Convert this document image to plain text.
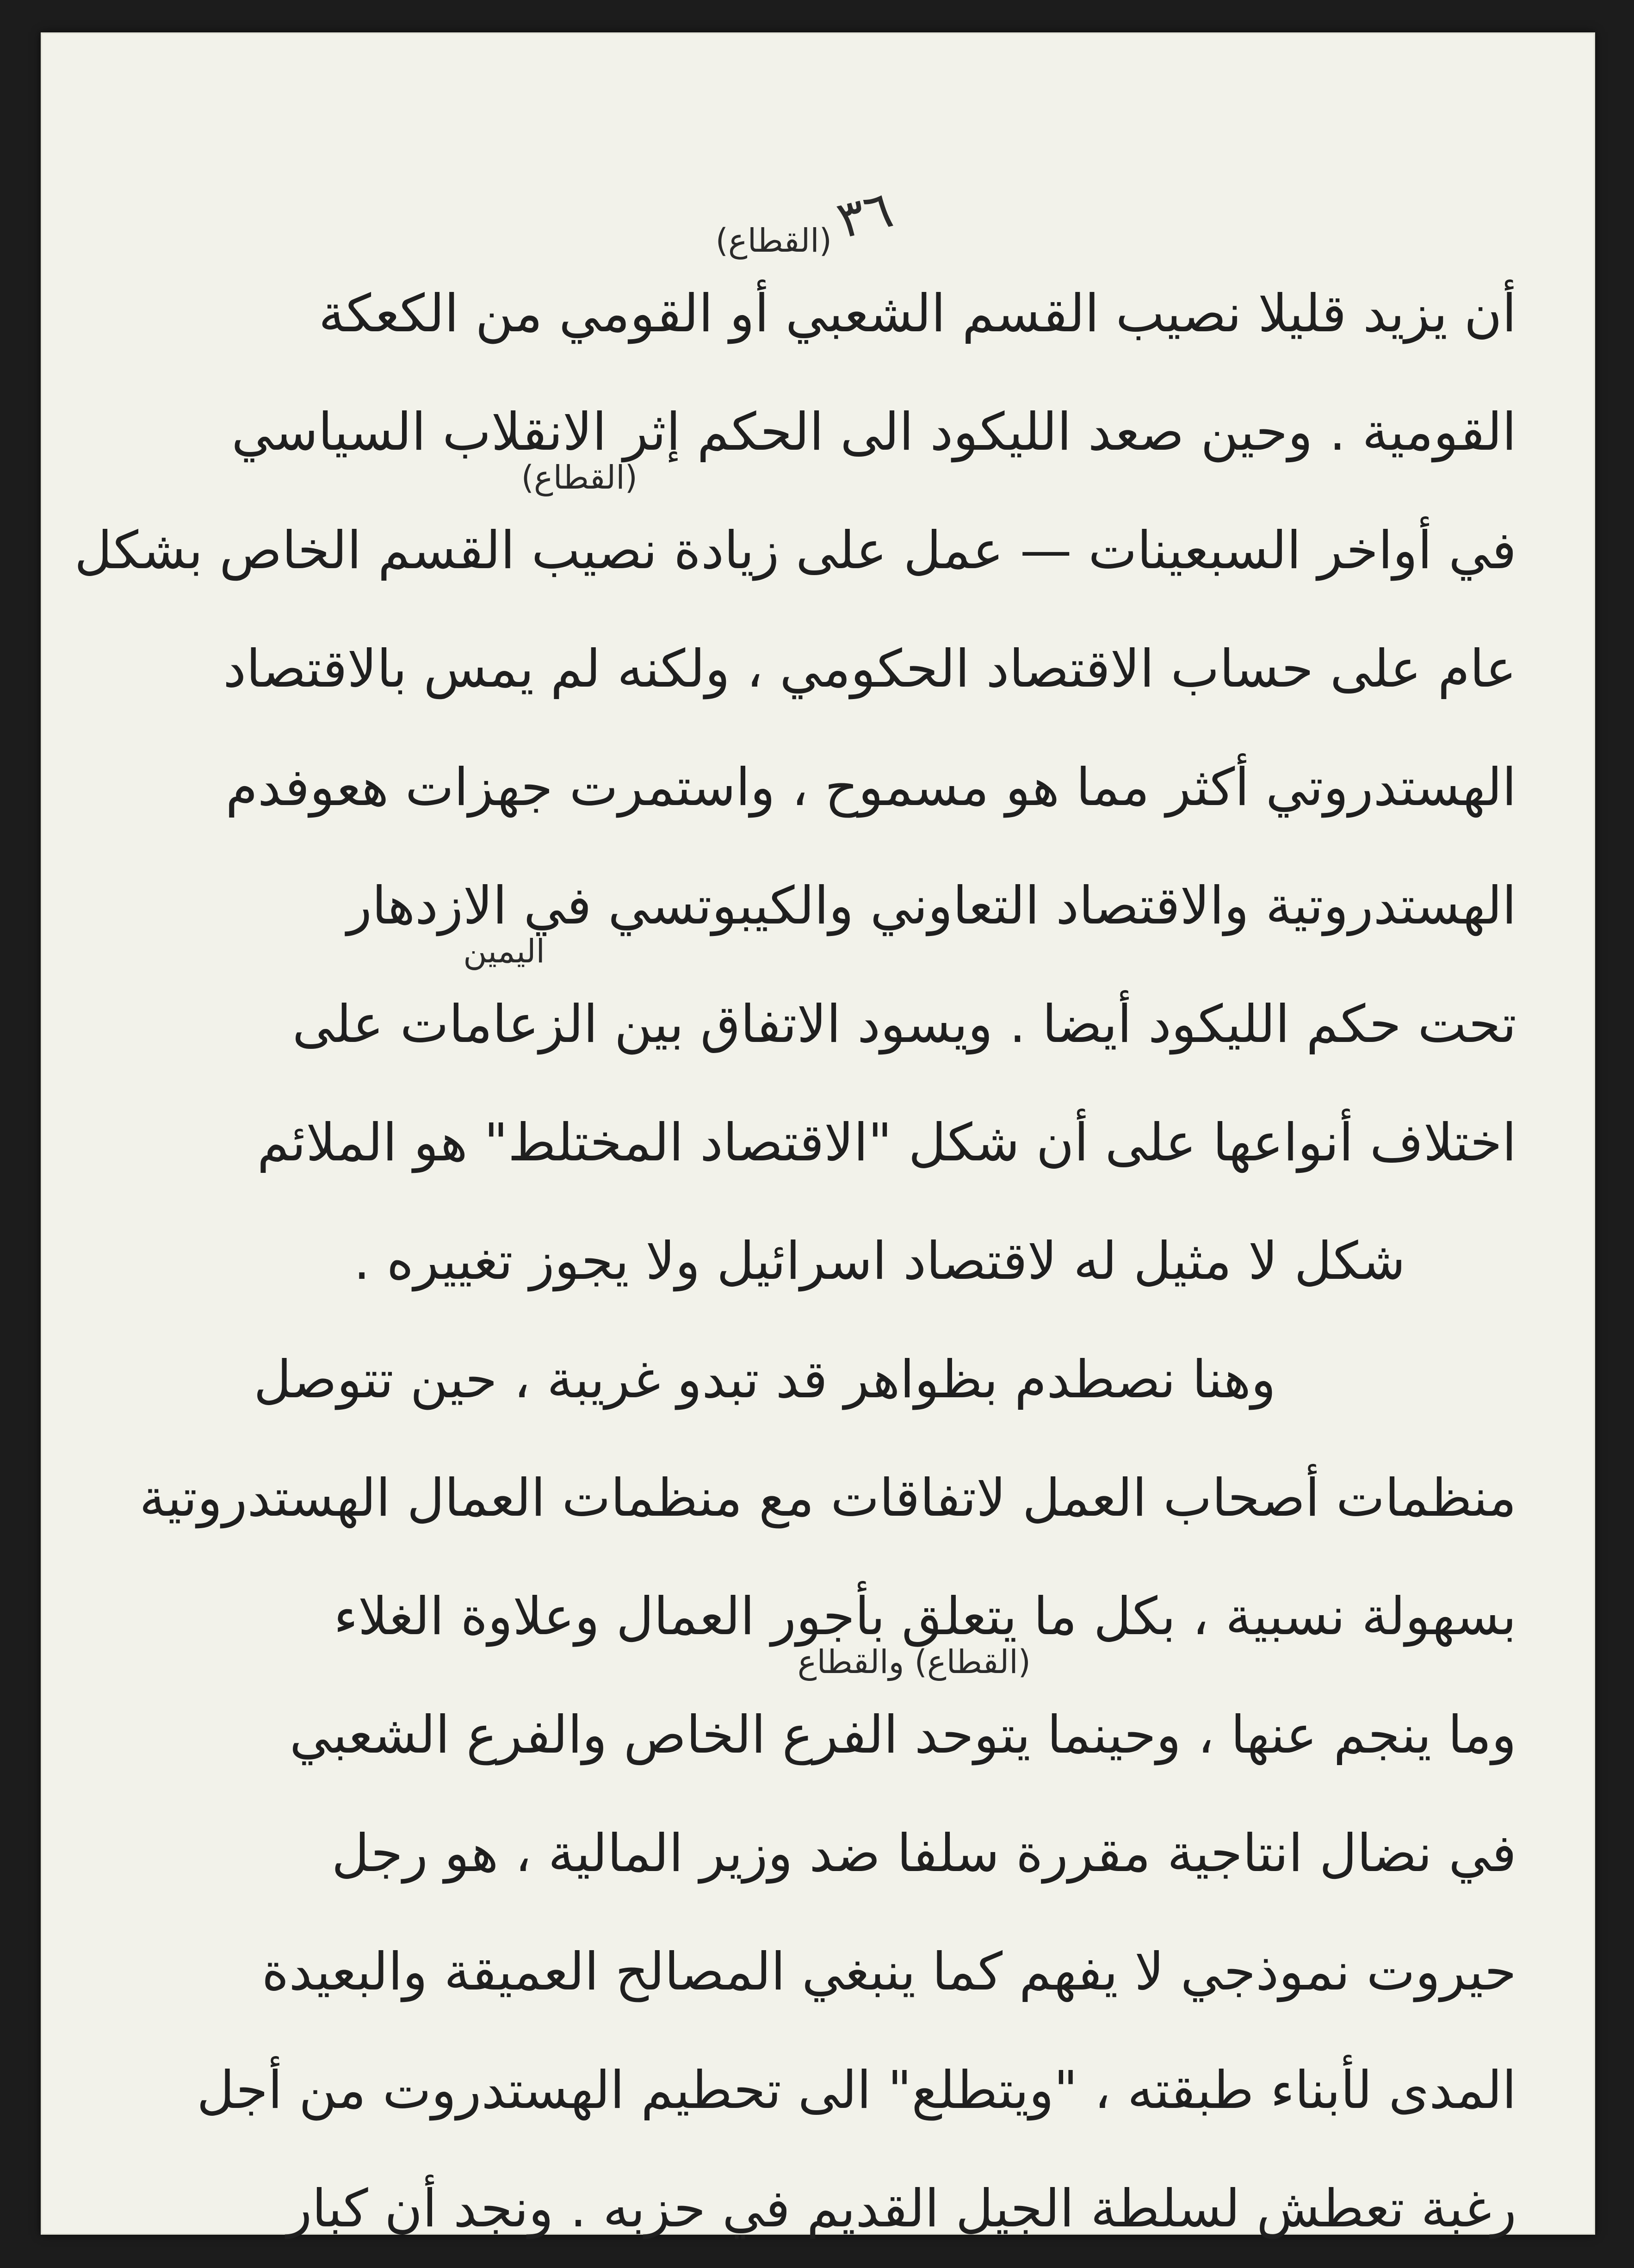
٣٦
أن يزيد قليلا نصيب القسم الشعبي أو القومي من الكعكة
(القطاع)
القومية . وحين صعد الليكود الى الحكم إثر الانقلاب السياسي
في أواخر السبعينات — عمل على زيادة نصيب القسم الخاص بشكل
(القطاع)
عام على حساب الاقتصاد الحكومي ، ولكنه لم يمس بالاقتصاد
الهستدروتي أكثر مما هو مسموح ، واستمرت جهزات هعوفدم
الهستدروتية والاقتصاد التعاوني والكيبوتسي في الازدهار
تحت حكم الليكود أيضا . ويسود الاتفاق بين الزعامات على
اليمين
اختلاف أنواعها على أن شكل "الاقتصاد المختلط" هو الملائم
شكل لا مثيل له لاقتصاد اسرائيل ولا يجوز تغييره .
وهنا نصطدم بظواهر قد تبدو غريبة ، حين تتوصل
منظمات أصحاب العمل لاتفاقات مع منظمات العمال الهستدروتية
بسهولة نسبية ، بكل ما يتعلق بأجور العمال وعلاوة الغلاء
وما ينجم عنها ، وحينما يتوحد الفرع الخاص والفرع الشعبي
(القطاع) والقطاع
في نضال انتاجية مقررة سلفا ضد وزير المالية ، هو رجل
حيروت نموذجي لا يفهم كما ينبغي المصالح العميقة والبعيدة
المدى لأبناء طبقته ، "ويتطلع" الى تحطيم الهستدروت من أجل
رغبة تعطش لسلطة الجيل القديم في حزبه . ونجد أن كبار
